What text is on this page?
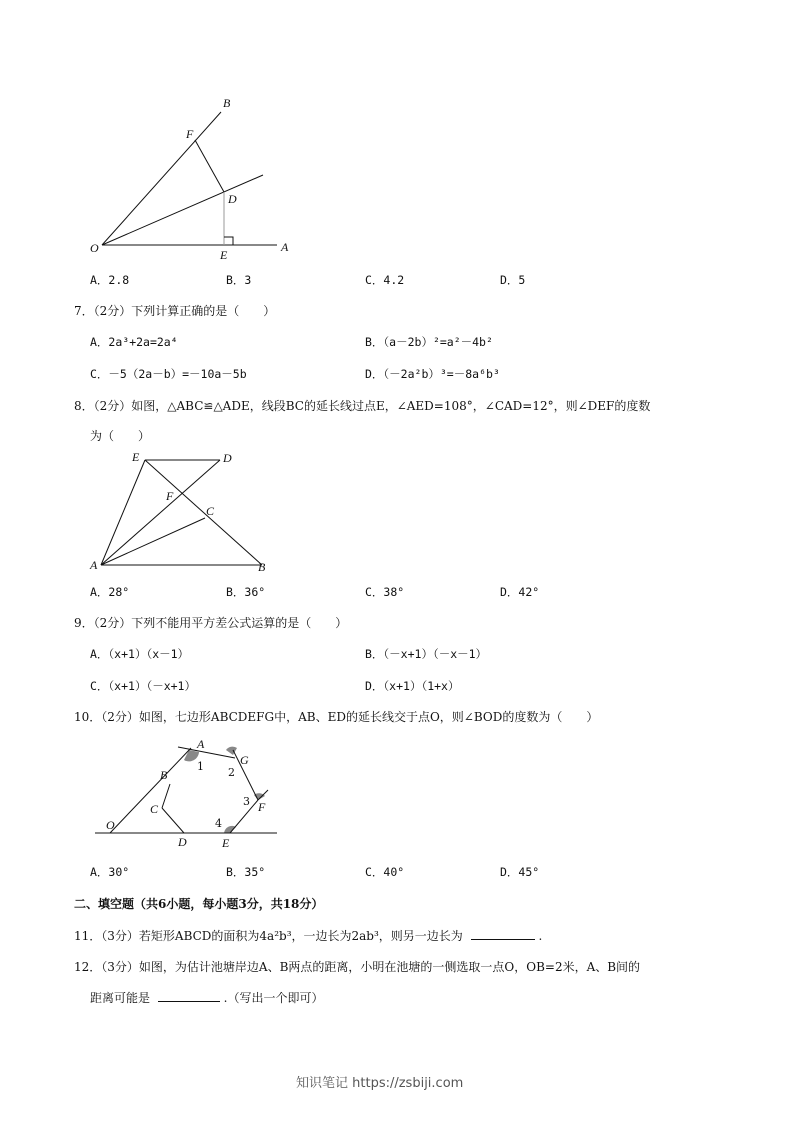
B
F
D
O	E
A
A．2.8	B．3	C．4.2	D．5
7．（2分）下列计算正确的是（　　）
A．2a³+2a=2a⁴	B．（a－2b）²=a²－4b²
C．－5（2a－b）=－10a－5b	D．（－2a²b）³=－8a⁶b³
8．（2分）如图，△ABC≌△ADE，线段BC的延长线过点E，∠AED=108°，∠CAD=12°，则∠DEF的度数
为（　　）
E	D
F
C
A	B
A．28°	B．36°	C．38°	D．42°
9．（2分）下列不能用平方差公式运算的是（　　）
A．（x+1）（x－1）	B．（－x+1）（－x－1）
C．（x+1）（－x+1）	D．（x+1）（1+x）
10．（2分）如图，七边形ABCDEFG中，AB、ED的延长线交于点O，则∠BOD的度数为（　　）
A
G
B
F
C
O
D	E
1 2
3
4
A．30°	B．35°	C．40°	D．45°
二、填空题（共6小题，每小题3分，共18分）
11．（3分）若矩形ABCD的面积为4a²b³，一边长为2ab³，则另一边长为	.
12．（3分）如图，为估计池塘岸边A、B两点的距离，小明在池塘的一侧选取一点O，OB=2米，A、B间的
距离可能是	.（写出一个即可）
知识笔记 https://zsbiji.com
